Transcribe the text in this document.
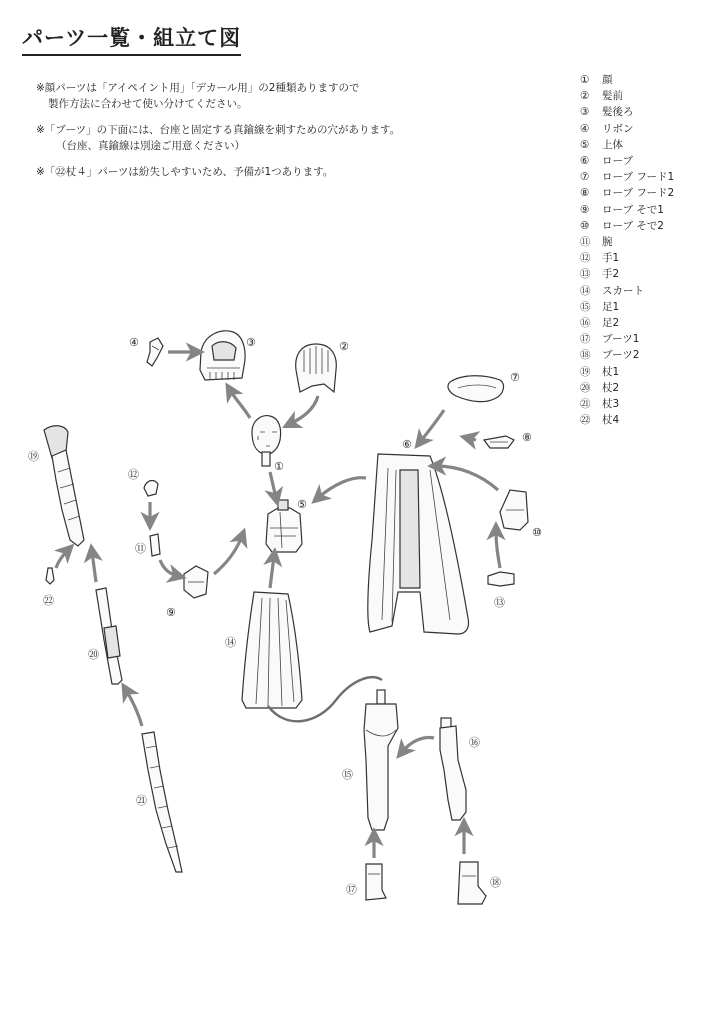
パーツ一覧・組立て図
※顔パーツは「アイペイント用」「デカール用」の2種類ありますので
製作方法に合わせて使い分けてください。
※「ブーツ」の下面には、台座と固定する真鍮線を刺すための穴があります。
（台座、真鍮線は別途ご用意ください）
※「㉒杖４」パーツは紛失しやすいため、予備が1つあります。
①	顔
②	髪前
③	髪後ろ
④	リボン
⑤	上体
⑥	ローブ
⑦	ローブ フード1
⑧	ローブ フード2
⑨	ローブ そで1
⑩	ローブ そで2
⑪	腕
⑫	手1
⑬	手2
⑭	スカート
⑮	足1
⑯	足2
⑰	ブーツ1
⑱	ブーツ2
⑲	杖1
⑳	杖2
㉑	杖3
㉒	杖4
④	③	②
①
⑤
⑦
⑧
⑥
⑩
⑬
⑫
⑪
⑨
⑭
⑮
⑯
⑰
⑱
⑲
⑳
㉑
㉒
